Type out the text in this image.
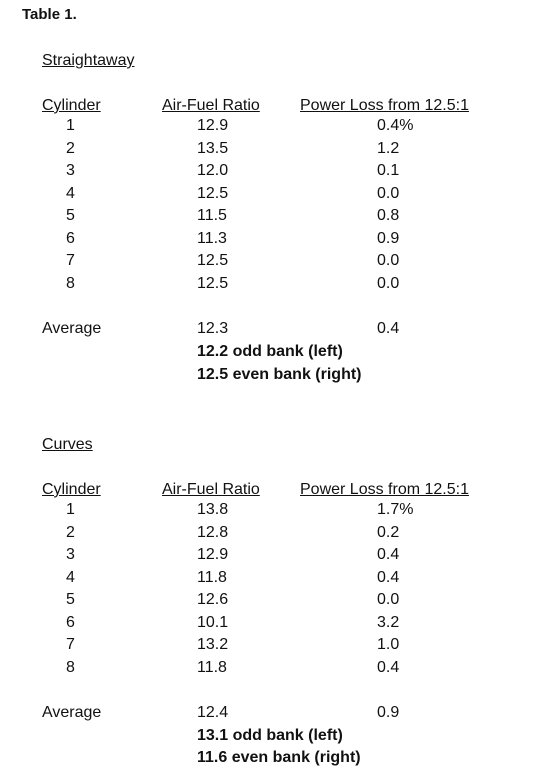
Table 1.
Straightaway
Cylinder	Air-Fuel Ratio	Power Loss from 12.5:1
1	12.9	0.4%
2	13.5	1.2
3	12.0	0.1
4	12.5	0.0
5	11.5	0.8
6	11.3	0.9
7	12.5	0.0
8	12.5	0.0
Average	12.3	0.4
12.2 odd bank (left)
12.5 even bank (right)
Curves
Cylinder	Air-Fuel Ratio	Power Loss from 12.5:1
1	13.8	1.7%
2	12.8	0.2
3	12.9	0.4
4	11.8	0.4
5	12.6	0.0
6	10.1	3.2
7	13.2	1.0
8	11.8	0.4
Average	12.4	0.9
13.1 odd bank (left)
11.6 even bank (right)
